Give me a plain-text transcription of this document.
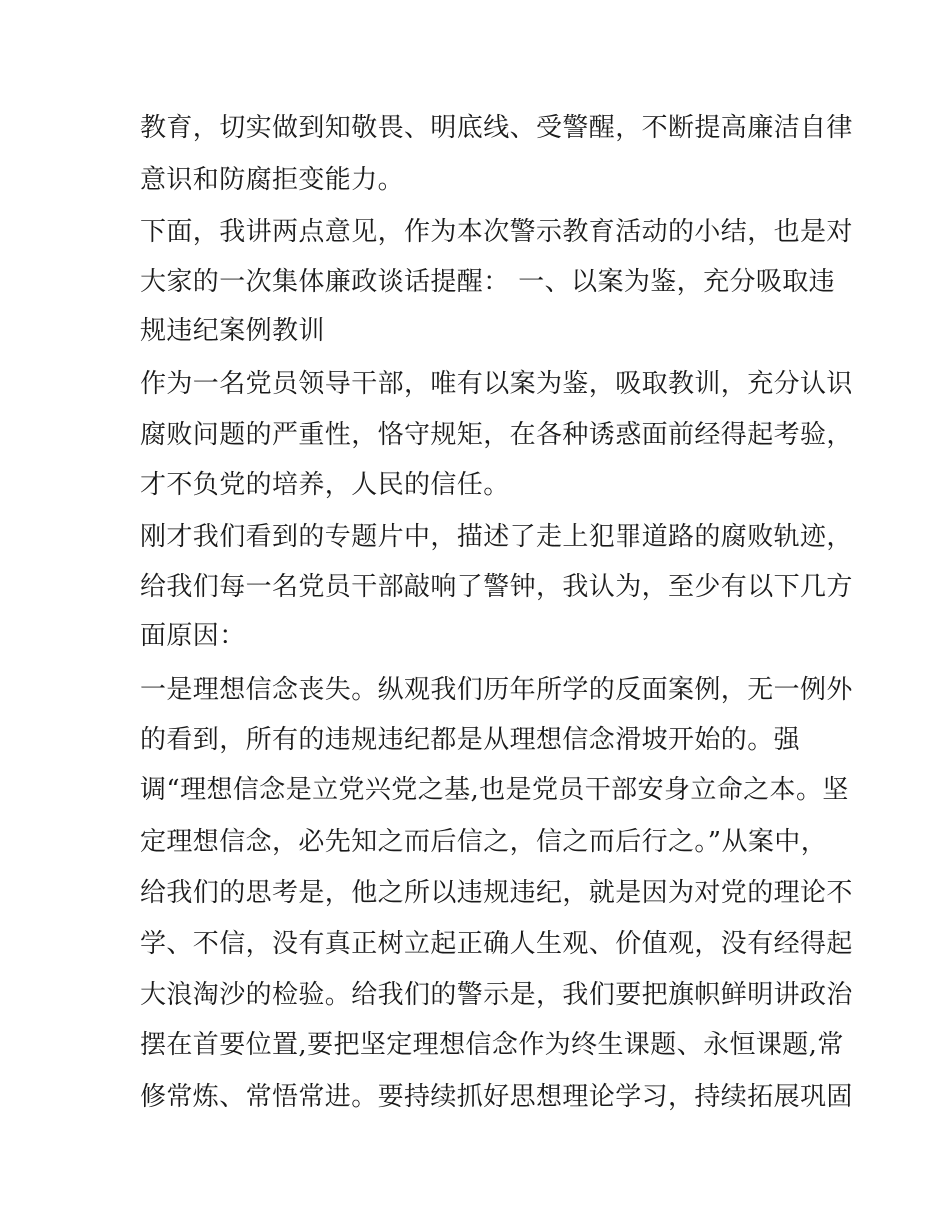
教育，切实做到知敬畏、明底线、受警醒，不断提高廉洁自律
意识和防腐拒变能力。
下面，我讲两点意见，作为本次警示教育活动的小结，也是对
大家的一次集体廉政谈话提醒： 一、以案为鉴，充分吸取违
规违纪案例教训
作为一名党员领导干部，唯有以案为鉴，吸取教训，充分认识
腐败问题的严重性，恪守规矩，在各种诱惑面前经得起考验，
才不负党的培养，人民的信任。
刚才我们看到的专题片中，描述了走上犯罪道路的腐败轨迹，
给我们每一名党员干部敲响了警钟，我认为，至少有以下几方
面原因：
一是理想信念丧失。纵观我们历年所学的反面案例，无一例外
的看到，所有的违规违纪都是从理想信念滑坡开始的。强
调“理想信念是立党兴党之基,也是党员干部安身立命之本。坚
定理想信念，必先知之而后信之，信之而后行之。”从案中，
给我们的思考是，他之所以违规违纪，就是因为对党的理论不
学、不信，没有真正树立起正确人生观、价值观，没有经得起
大浪淘沙的检验。给我们的警示是，我们要把旗帜鲜明讲政治
摆在首要位置,要把坚定理想信念作为终生课题、永恒课题,常
修常炼、常悟常进。要持续抓好思想理论学习，持续拓展巩固
